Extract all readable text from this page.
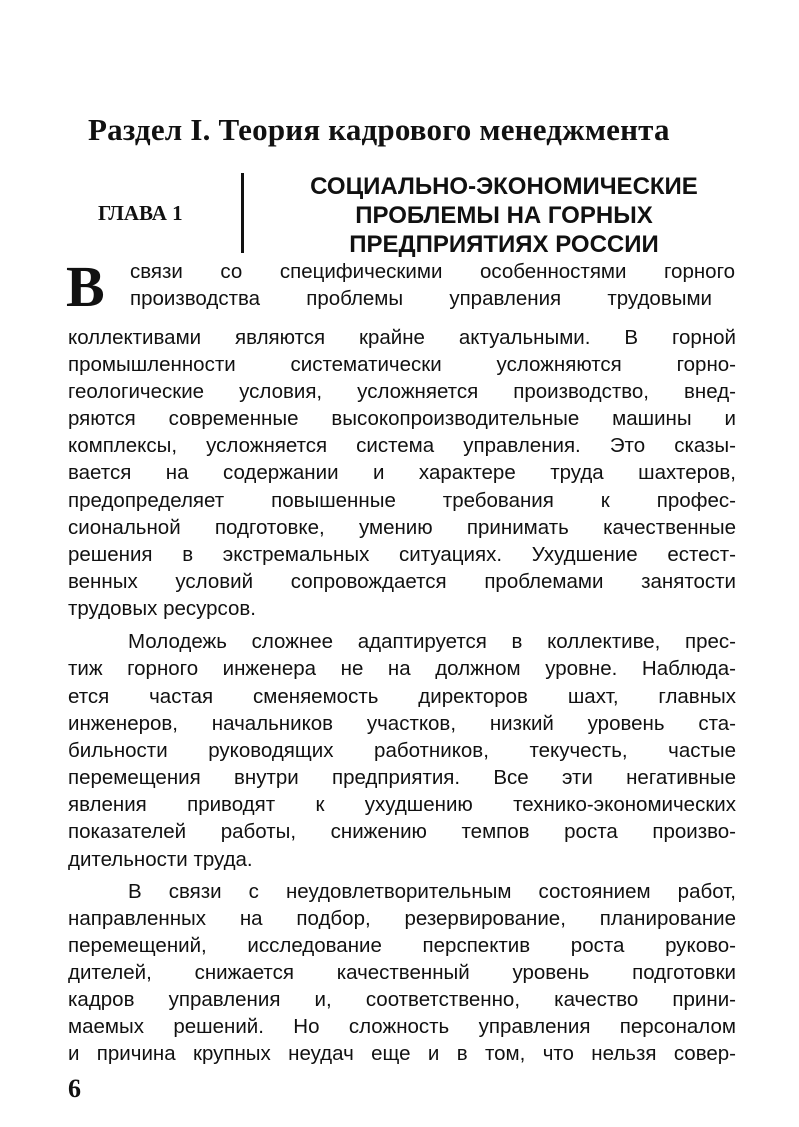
Раздел I. Теория кадрового менеджмента
ГЛАВА 1
СОЦИАЛЬНО-ЭКОНОМИЧЕСКИЕ
ПРОБЛЕМЫ НА ГОРНЫХ
ПРЕДПРИЯТИЯХ РОССИИ
В связи со специфическими особенностями горного
производства проблемы управления трудовыми
коллективами являются крайне актуальными. В горной
промышленности систематически усложняются горно-
геологические условия, усложняется производство, внед-
ряются современные высокопроизводительные машины и
комплексы, усложняется система управления. Это сказы-
вается на содержании и характере труда шахтеров,
предопределяет повышенные требования к профес-
сиональной подготовке, умению принимать качественные
решения в экстремальных ситуациях. Ухудшение естест-
венных условий сопровождается проблемами занятости
трудовых ресурсов.
Молодежь сложнее адаптируется в коллективе, прес-
тиж горного инженера не на должном уровне. Наблюда-
ется частая сменяемость директоров шахт, главных
инженеров, начальников участков, низкий уровень ста-
бильности руководящих работников, текучесть, частые
перемещения внутри предприятия. Все эти негативные
явления приводят к ухудшению технико-экономических
показателей работы, снижению темпов роста произво-
дительности труда.
В связи с неудовлетворительным состоянием работ,
направленных на подбор, резервирование, планирование
перемещений, исследование перспектив роста руково-
дителей, снижается качественный уровень подготовки
кадров управления и, соответственно, качество прини-
маемых решений. Но сложность управления персоналом
и причина крупных неудач еще и в том, что нельзя совер-
6
